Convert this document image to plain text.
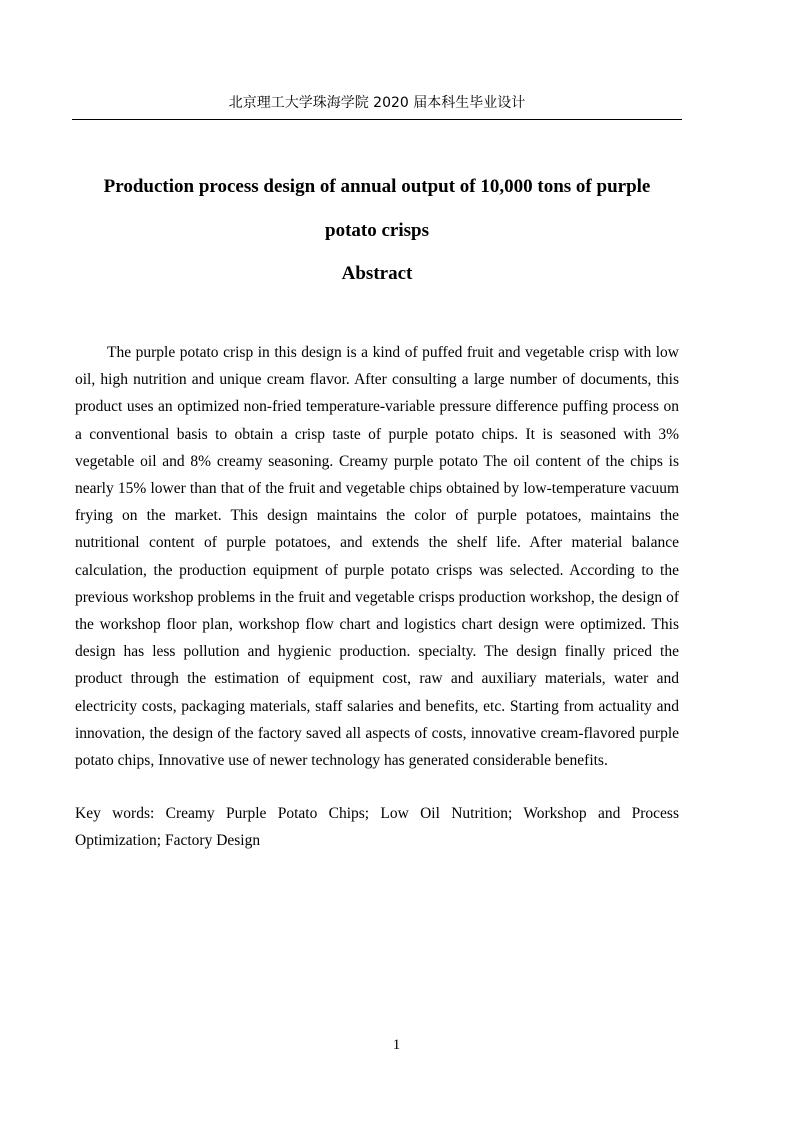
北京理工大学珠海学院 2020 届本科生毕业设计
Production process design of annual output of 10,000 tons of purple
potato crisps
Abstract

The purple potato crisp in this design is a kind of puffed fruit and vegetable crisp with low oil, high nutrition and unique cream flavor. After consulting a large number of documents, this product uses an optimized non-fried temperature-variable pressure difference puffing process on a conventional basis to obtain a crisp taste of purple potato chips. It is seasoned with 3% vegetable oil and 8% creamy seasoning. Creamy purple potato The oil content of the chips is nearly 15% lower than that of the fruit and vegetable chips obtained by low-temperature vacuum frying on the market. This design maintains the color of purple potatoes, maintains the nutritional content of purple potatoes, and extends the shelf life. After material balance calculation, the production equipment of purple potato crisps was selected. According to the previous workshop problems in the fruit and vegetable crisps production workshop, the design of the workshop floor plan, workshop flow chart and logistics chart design were optimized. This design has less pollution and hygienic production. specialty. The design finally priced the product through the estimation of equipment cost, raw and auxiliary materials, water and electricity costs, packaging materials, staff salaries and benefits, etc. Starting from actuality and innovation, the design of the factory saved all aspects of costs, innovative cream-flavored purple potato chips, Innovative use of newer technology has generated considerable benefits.

Key words: Creamy Purple Potato Chips; Low Oil Nutrition; Workshop and Process Optimization; Factory Design

1
